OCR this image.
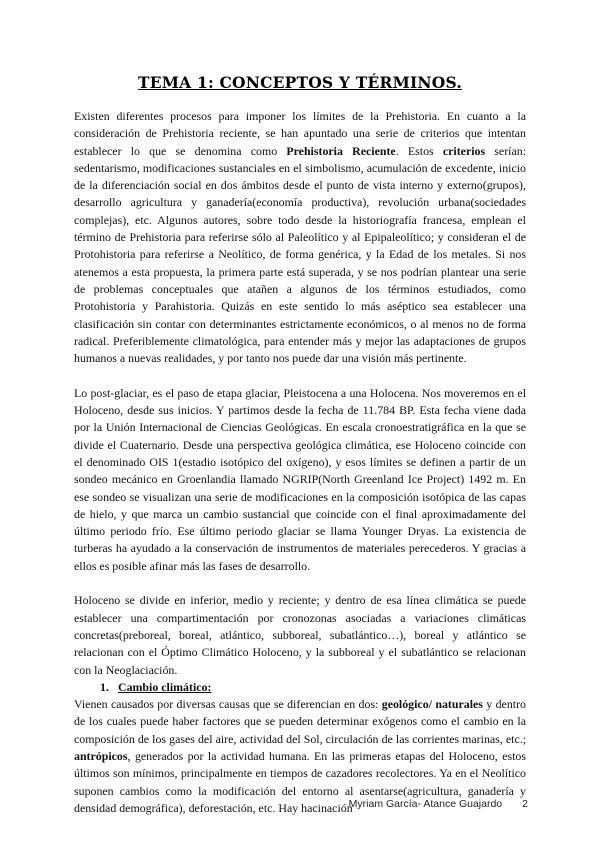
TEMA 1: CONCEPTOS Y TÉRMINOS.

Existen diferentes procesos para imponer los límites de la Prehistoria. En cuanto a la consideración de Prehistoria reciente, se han apuntado una serie de criterios que intentan establecer lo que se denomina como Prehistoria Reciente. Estos criterios serían: sedentarismo, modificaciones sustanciales en el simbolismo, acumulación de excedente, inicio de la diferenciación social en dos ámbitos desde el punto de vista interno y externo(grupos), desarrollo agricultura y ganadería(economía productiva), revolución urbana(sociedades complejas), etc. Algunos autores, sobre todo desde la historiografía francesa, emplean el término de Prehistoria para referirse sólo al Paleolítico y al Epipaleolítico; y consideran el de Protohistoria para referirse a Neolítico, de forma genérica, y la Edad de los metales. Si nos atenemos a esta propuesta, la primera parte está superada, y se nos podrían plantear una serie de problemas conceptuales que atañen a algunos de los términos estudiados, como Protohistoria y Parahistoria. Quizás en este sentido lo más aséptico sea establecer una clasificación sin contar con determinantes estrictamente económicos, o al menos no de forma radical. Preferiblemente climatológica, para entender más y mejor las adaptaciones de grupos humanos a nuevas realidades, y por tanto nos puede dar una visión más pertinente.

Lo post-glaciar, es el paso de etapa glaciar, Pleistocena a una Holocena. Nos moveremos en el Holoceno, desde sus inicios. Y partimos desde la fecha de 11.784 BP. Esta fecha viene dada por la Unión Internacional de Ciencias Geológicas. En escala cronoestratigráfica en la que se divide el Cuaternario. Desde una perspectiva geológica climática, ese Holoceno coincide con el denominado OIS 1(estadio isotópico del oxígeno), y esos límites se definen a partir de un sondeo mecánico en Groenlandia llamado NGRIP(North Greenland Ice Project) 1492 m. En ese sondeo se visualizan una serie de modificaciones en la composición isotópica de las capas de hielo, y que marca un cambio sustancial que coincide con el final aproximadamente del último periodo frío. Ese último periodo glaciar se llama Younger Dryas. La existencia de turberas ha ayudado a la conservación de instrumentos de materiales perecederos. Y gracias a ellos es posible afinar más las fases de desarrollo.

Holoceno se divide en inferior, medio y reciente; y dentro de esa línea climática se puede establecer una compartimentación por cronozonas asociadas a variaciones climáticas concretas(preboreal, boreal, atlántico, subboreal, subatlántico…), boreal y atlántico se relacionan con el Óptimo Climático Holoceno, y la subboreal y el subatlántico se relacionan con la Neoglaciación.

1. Cambio climático:

Vienen causados por diversas causas que se diferencian en dos: geológico/ naturales y dentro de los cuales puede haber factores que se pueden determinar exógenos como el cambio en la composición de los gases del aire, actividad del Sol, circulación de las corrientes marinas, etc.; antrópicos, generados por la actividad humana. En las primeras etapas del Holoceno, estos últimos son mínimos, principalmente en tiempos de cazadores recolectores. Ya en el Neolítico suponen cambios como la modificación del entorno al asentarse(agricultura, ganadería y densidad demográfica), deforestación, etc. Hay hacinación

Myriam García- Atance Guajardo 2
